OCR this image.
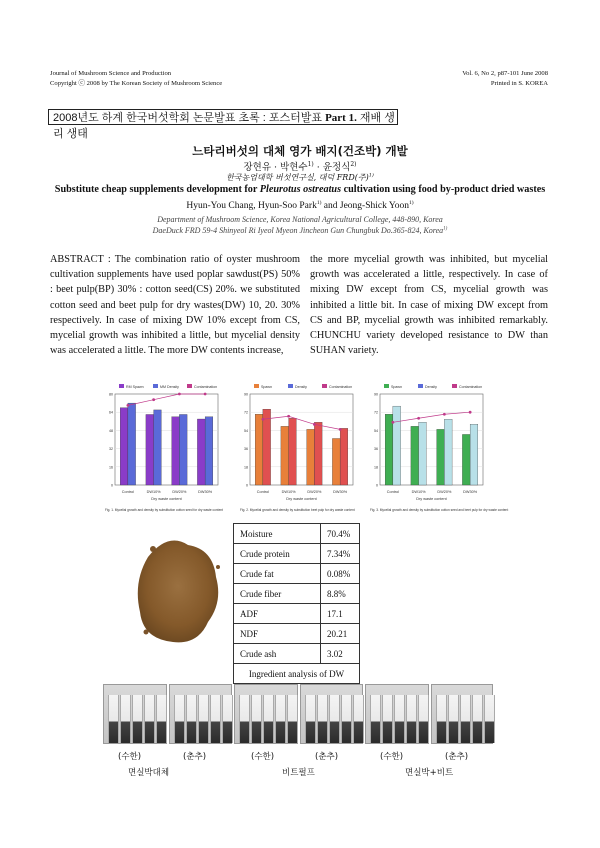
Journal of Mushroom Science and Production
Copyright ⓒ 2008 by The Korean Society of Mushroom Science
Vol. 6, No 2, p87-101 June 2008
Printed in S. KOREA
2008년도 하계 한국버섯학회 논문발표 초록 : 포스터발표 Part 1. 재배 생리 생태
느타리버섯의 대체 영가 배지(건조박) 개발
장현유 · 박현수$^{1)}$ · 윤정식$^{2)}$
한국농업대학 버섯연구실, 대덕 FRD(주)$^{1)}$
Substitute cheap supplements development for Pleurotus ostreatus cultivation using food by-product dried wastes
Hyun-You Chang, Hyun-Soo Park$^{1)}$ and Jeong-Shick Yoon$^{1)}$
Department of Mushroom Science, Korea National Agricultural College, 448-890, Korea
DaeDuck FRD 59-4 Shinyeol Ri Iyeol Myeon Jincheon Gun Chungbuk Do.365-824, Korea$^{1)}$
ABSTRACT : The combination ratio of oyster mushroom cultivation supplements have used poplar sawdust(PS) 50% : beet pulp(BP) 30% : cotton seed(CS) 20%. we substituted cotton seed and beet pulp for dry wastes(DW) 10, 20. 30% respectively. In case of mixing DW 10% except from CS, mycelial growth was inhibited a little, but mycelial density was accelerated a little. The more DW contents increase,
the more mycelial growth was inhibited, but mycelial growth was accelerated a little, respectively. In case of mixing DW except from CS, mycelial growth was inhibited a little bit. In case of mixing DW except from CS and BP, mycelial growth was inhibited remarkably. CHUNCHU variety developed resistance to DW than SUHAN variety.
RM Spawn	MM Density	Contamination
Control	DW10%	DW20%	DW30%
0
16
32
48
64
80
Dry waste content
Fig. 1. Mycelial growth and density by substitution cotton seed for dry waste content
Spawn	Density	Contamination
Control	DW10%	DW20%	DW30%
0
18
36
54
72
90
Dry waste content
Fig. 2. Mycelial growth and density by substitution beet pulp for dry waste content
Spawn	Density	Contamination
Control	DW10%	DW20%	DW30%
0
18
36
54
72
90
Dry waste content
Fig. 3. Mycelial growth and density by substitution cotton seed and beet pulp for dry waste content
Moisture	70.4%
Crude protein	7.34%
Crude fat	0.08%
Crude fiber	8.8%
ADF	17.1
NDF	20.21
Crude ash	3.02
Ingredient analysis of DW	
(수한)	(춘추)	(수한)	(춘추)	(수한)	(춘추)
면실박대체	비트펄프	면실박+비트
